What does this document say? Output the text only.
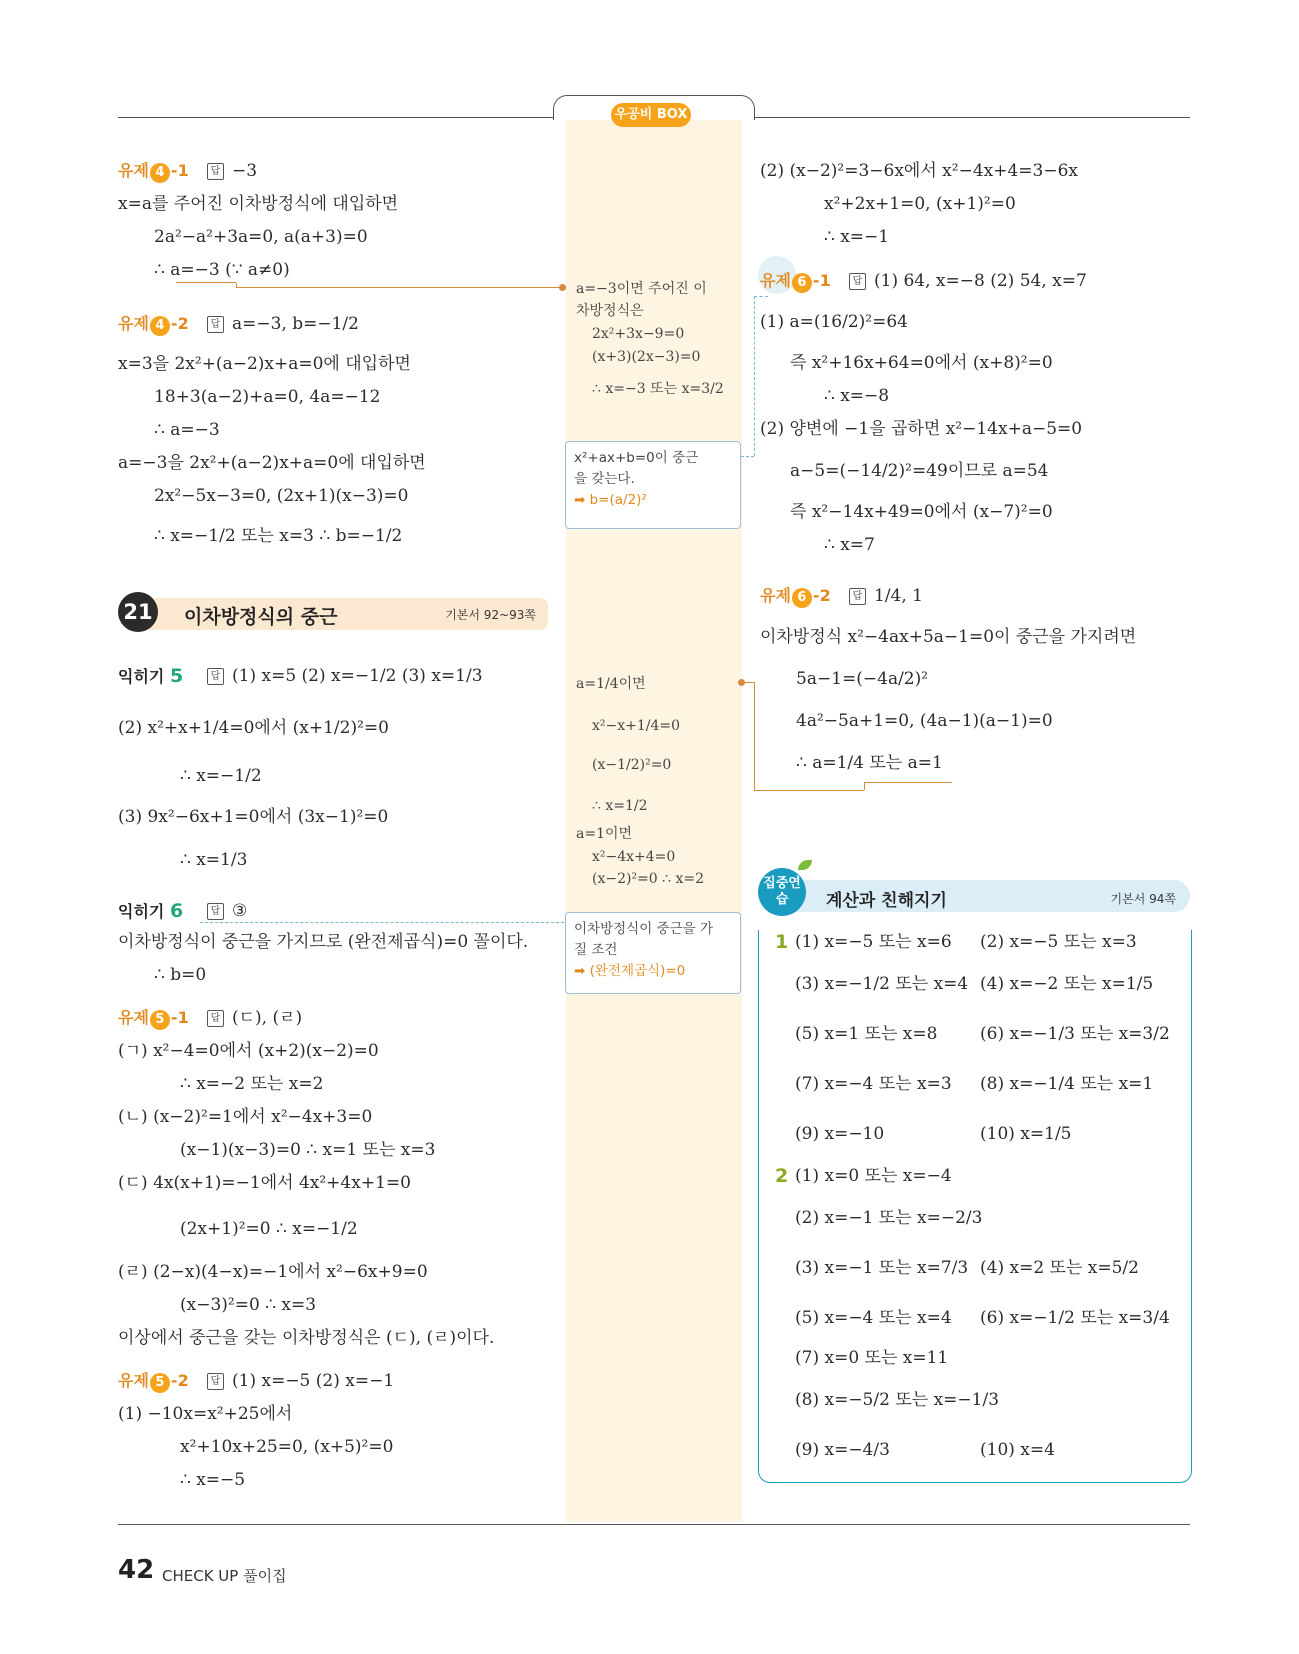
우공비 BOX
유제 4 -1	답 −3
x=a를 주어진 이차방정식에 대입하면
2a²−a²+3a=0, a(a+3)=0
∴ a=−3 (∵ a≠0)
유제 4 -2	답 a=−3, b=−1/2
x=3을 2x²+(a−2)x+a=0에 대입하면
18+3(a−2)+a=0, 4a=−12
∴ a=−3
a=−3을 2x²+(a−2)x+a=0에 대입하면
2x²−5x−3=0, (2x+1)(x−3)=0
∴ x=−1/2 또는 x=3 ∴ b=−1/2
21 이차방정식의 중근	기본서 92~93쪽
익히기 5	답 (1) x=5 (2) x=−1/2 (3) x=1/3
(2) x²+x+1/4=0에서 (x+1/2)²=0
∴ x=−1/2
(3) 9x²−6x+1=0에서 (3x−1)²=0
∴ x=1/3
익히기 6	답 ③
이차방정식이 중근을 가지므로 (완전제곱식)=0 꼴이다.
∴ b=0
유제 5 -1	답 (ㄷ), (ㄹ)
(ㄱ) x²−4=0에서 (x+2)(x−2)=0
∴ x=−2 또는 x=2
(ㄴ) (x−2)²=1에서 x²−4x+3=0
(x−1)(x−3)=0 ∴ x=1 또는 x=3
(ㄷ) 4x(x+1)=−1에서 4x²+4x+1=0
(2x+1)²=0 ∴ x=−1/2
(ㄹ) (2−x)(4−x)=−1에서 x²−6x+9=0
(x−3)²=0 ∴ x=3
이상에서 중근을 갖는 이차방정식은 (ㄷ), (ㄹ)이다.
유제 5 -2	답 (1) x=−5 (2) x=−1
(1) −10x=x²+25에서
x²+10x+25=0, (x+5)²=0
∴ x=−5
a=−3이면 주어진 이
차방정식은
2x²+3x−9=0
(x+3)(2x−3)=0
∴ x=−3 또는 x=3/2
x²+ax+b=0이 중근
을 갖는다.
➡ b=(a/2)²
a=1/4이면
x²−x+1/4=0
(x−1/2)²=0
∴ x=1/2
a=1이면
x²−4x+4=0
(x−2)²=0 ∴ x=2
이차방정식이 중근을 가
질 조건
➡ (완전제곱식)=0
(2) (x−2)²=3−6x에서 x²−4x+4=3−6x
x²+2x+1=0, (x+1)²=0
∴ x=−1
유제 6 -1	답 (1) 64, x=−8 (2) 54, x=7
(1) a=(16/2)²=64
즉 x²+16x+64=0에서 (x+8)²=0
∴ x=−8
(2) 양변에 −1을 곱하면 x²−14x+a−5=0
a−5=(−14/2)²=49이므로 a=54
즉 x²−14x+49=0에서 (x−7)²=0
∴ x=7
유제 6 -2	답 1/4, 1
이차방정식 x²−4ax+5a−1=0이 중근을 가지려면
5a−1=(−4a/2)²
4a²−5a+1=0, (4a−1)(a−1)=0
∴ a=1/4 또는 a=1
집중연습	계산과 친해지기	기본서 94쪽
1 (1) x=−5 또는 x=6 (2) x=−5 또는 x=3
(3) x=−1/2 또는 x=4 (4) x=−2 또는 x=1/5
(5) x=1 또는 x=8	(6) x=−1/3 또는 x=3/2
(7) x=−4 또는 x=3 (8) x=−1/4 또는 x=1
(9) x=−10	(10) x=1/5
2 (1) x=0 또는 x=−4
(2) x=−1 또는 x=−2/3
(3) x=−1 또는 x=7/3 (4) x=2 또는 x=5/2
(5) x=−4 또는 x=4 (6) x=−1/2 또는 x=3/4
(7) x=0 또는 x=11
(8) x=−5/2 또는 x=−1/3
(9) x=−4/3	(10) x=4
42 CHECK UP 풀이집
